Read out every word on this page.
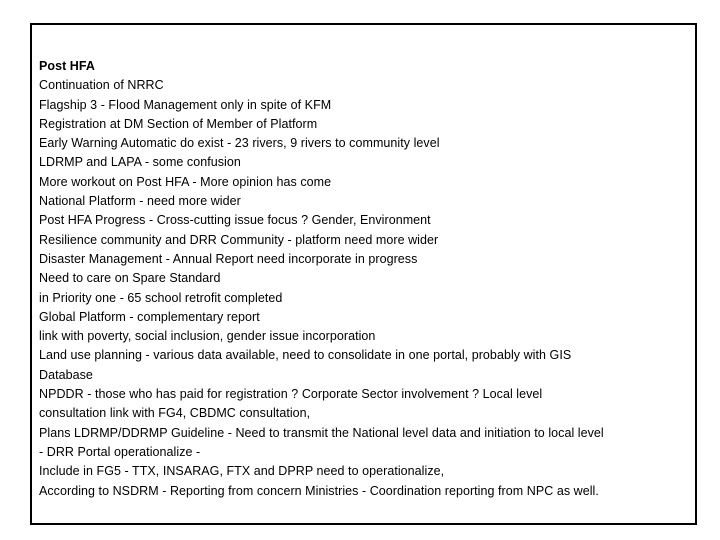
Post HFA
Continuation of NRRC
Flagship 3 - Flood Management only in spite of KFM
Registration at DM Section of Member of Platform
Early Warning Automatic do exist - 23 rivers, 9 rivers to community level
LDRMP and LAPA - some confusion
More workout on Post HFA - More opinion has come
National Platform - need more wider
Post HFA Progress - Cross-cutting issue focus ? Gender, Environment
Resilience community and DRR Community - platform need more wider
Disaster Management - Annual Report need incorporate in progress
Need to care on Spare Standard
in Priority one - 65 school retrofit completed
Global Platform - complementary report
link with poverty, social inclusion, gender issue incorporation
Land use planning - various data available, need to consolidate in one portal, probably with GIS
Database
NPDDR - those who has paid for registration ? Corporate Sector involvement ? Local level
consultation link with FG4, CBDMC consultation,
Plans LDRMP/DDRMP Guideline - Need to transmit the National level data and initiation to local level
- DRR Portal operationalize -
Include in FG5 - TTX, INSARAG, FTX and DPRP need to operationalize,
According to NSDRM - Reporting from concern Ministries - Coordination reporting from NPC as well.
